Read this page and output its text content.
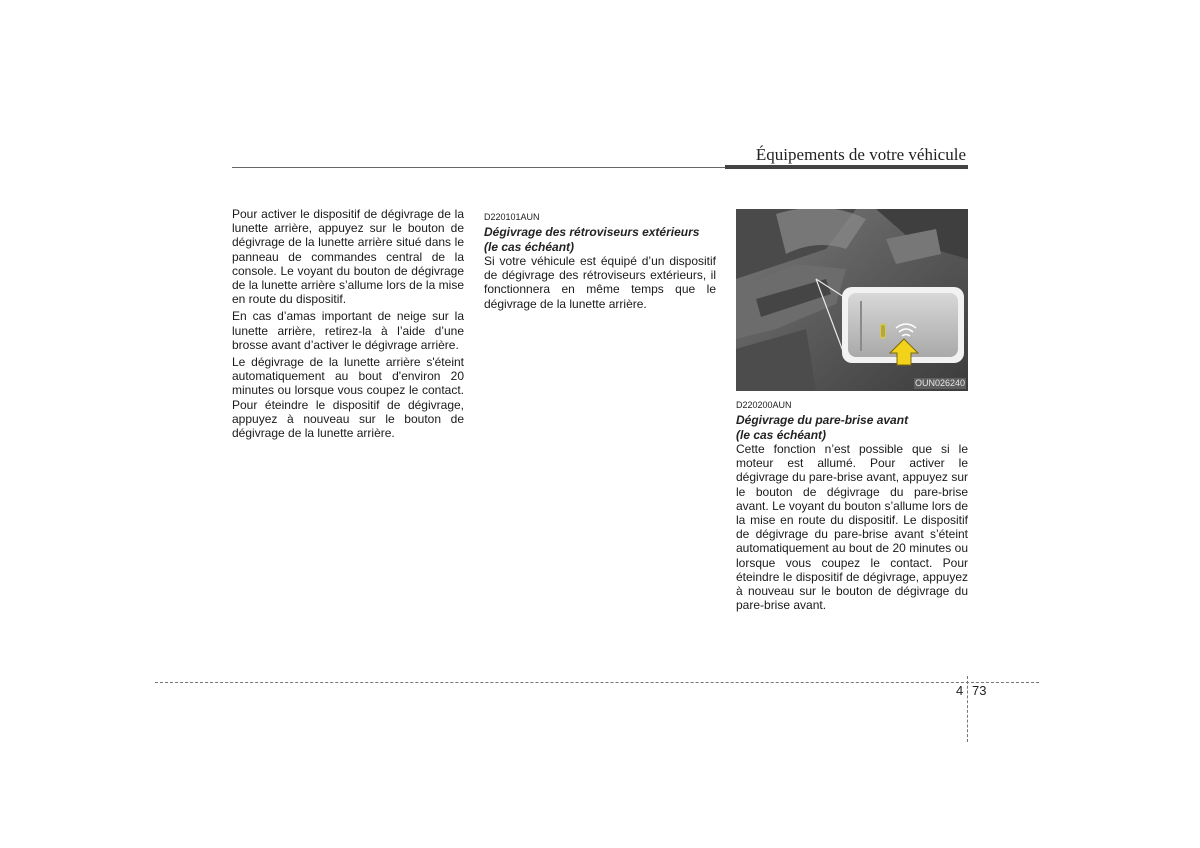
Équipements de votre véhicule

Pour activer le dispositif de dégivrage de la lunette arrière, appuyez sur le bouton de dégivrage de la lunette arrière situé dans le panneau de commandes central de la console. Le voyant du bouton de dégivrage de la lunette arrière s’allume lors de la mise en route du dispositif.

En cas d’amas important de neige sur la lunette arrière, retirez-la à l’aide d’une brosse avant d’activer le dégivrage arrière.

Le dégivrage de la lunette arrière s'éteint automatiquement au bout d'environ 20 minutes ou lorsque vous coupez le contact. Pour éteindre le dispositif de dégivrage, appuyez à nouveau sur le bouton de dégivrage de la lunette arrière.

D220101AUN
Dégivrage des rétroviseurs extérieurs
(le cas échéant)

Si votre véhicule est équipé d’un dispositif de dégivrage des rétroviseurs extérieurs, il fonctionnera en même temps que le dégivrage de la lunette arrière.

OUN026240
D220200AUN
Dégivrage du pare-brise avant
(le cas échéant)

Cette fonction n’est possible que si le moteur est allumé. Pour activer le dégivrage du pare-brise avant, appuyez sur le bouton de dégivrage du pare-brise avant. Le voyant du bouton s’allume lors de la mise en route du dispositif. Le dispositif de dégivrage du pare-brise avant s’éteint automatiquement au bout de 20 minutes ou lorsque vous coupez le contact. Pour éteindre le dispositif de dégivrage, appuyez à nouveau sur le bouton de dégivrage du pare-brise avant.

4 73
